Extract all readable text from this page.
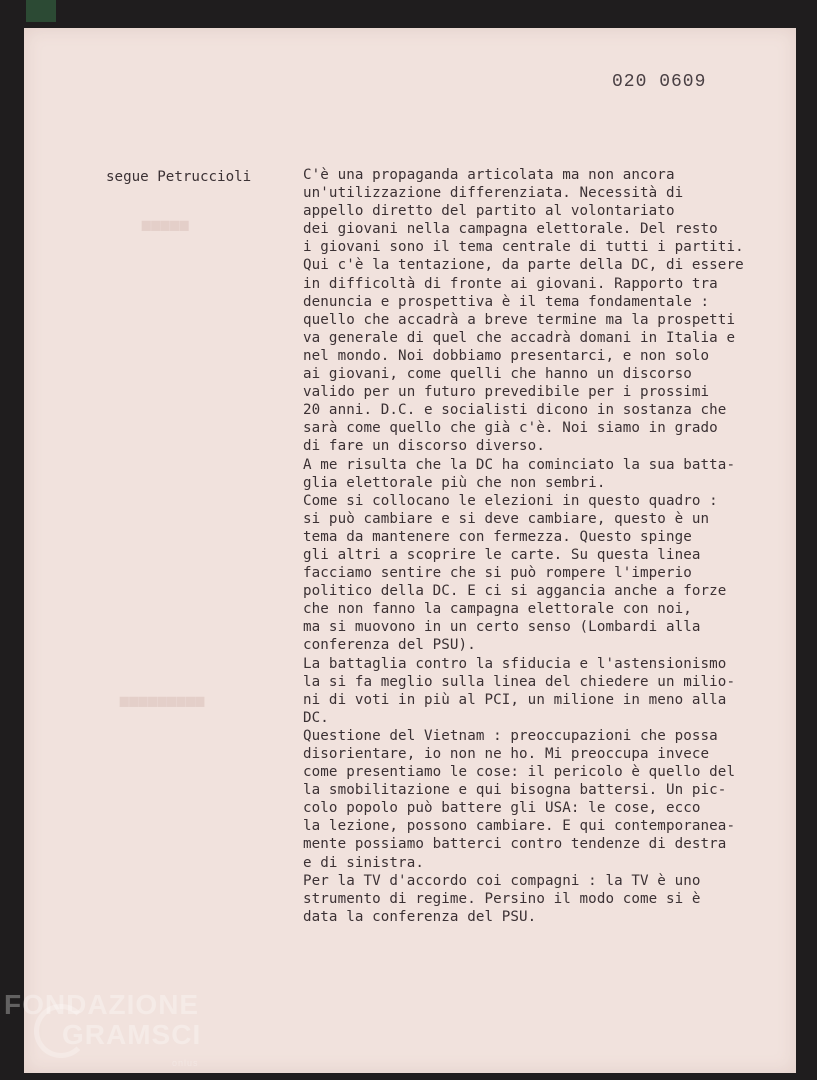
▆▆▆▆▆
▆▆▆▆▆▆▆▆▆
020 0609
segue Petruccioli	C'è una propaganda articolata ma non ancora
un'utilizzazione differenziata. Necessità di
appello diretto del partito al volontariato
dei giovani nella campagna elettorale. Del resto
i giovani sono il tema centrale di tutti i partiti.
Qui c'è la tentazione, da parte della DC, di essere
in difficoltà di fronte ai giovani. Rapporto tra
denuncia e prospettiva è il tema fondamentale :
quello che accadrà a breve termine ma la prospetti
va generale di quel che accadrà domani in Italia e
nel mondo. Noi dobbiamo presentarci, e non solo
ai giovani, come quelli che hanno un discorso
valido per un futuro prevedibile per i prossimi
20 anni. D.C. e socialisti dicono in sostanza che
sarà come quello che già c'è. Noi siamo in grado
di fare un discorso diverso.
A me risulta che la DC ha cominciato la sua batta-
glia elettorale più che non sembri.
Come si collocano le elezioni in questo quadro :
si può cambiare e si deve cambiare, questo è un
tema da mantenere con fermezza. Questo spinge
gli altri a scoprire le carte. Su questa linea
facciamo sentire che si può rompere l'imperio
politico della DC. E ci si aggancia anche a forze
che non fanno la campagna elettorale con noi,
ma si muovono in un certo senso (Lombardi alla
conferenza del PSU).
La battaglia contro la sfiducia e l'astensionismo
la si fa meglio sulla linea del chiedere un milio-
ni di voti in più al PCI, un milione in meno alla
DC.
Questione del Vietnam : preoccupazioni che possa
disorientare, io non ne ho. Mi preoccupa invece
come presentiamo le cose: il pericolo è quello del
la smobilitazione e qui bisogna battersi. Un pic-
colo popolo può battere gli USA: le cose, ecco
la lezione, possono cambiare. E qui contemporanea-
mente possiamo batterci contro tendenze di destra
e di sinistra.
Per la TV d'accordo coi compagni : la TV è uno
strumento di regime. Persino il modo come si è
data la conferenza del PSU.
FONDAZIONE
GRAMSCI
onlus
